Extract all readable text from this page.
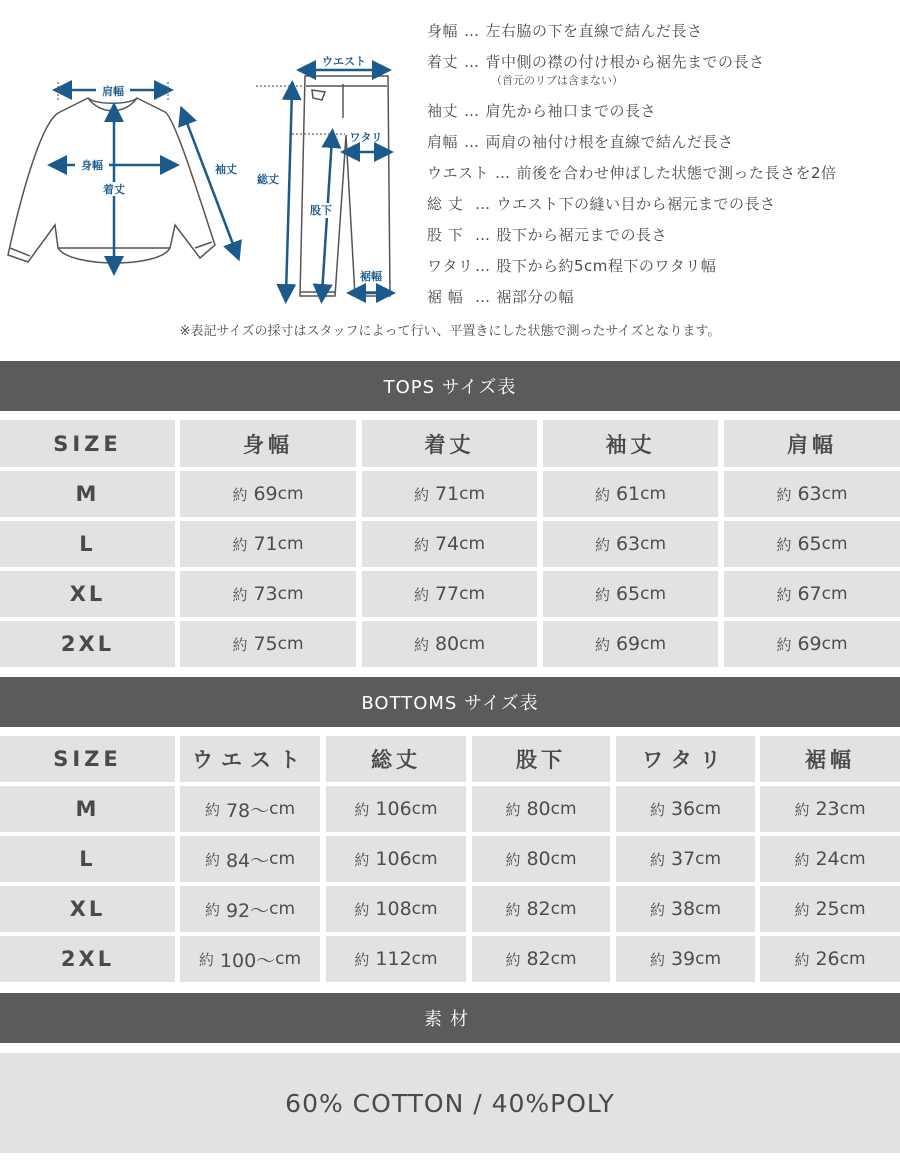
肩幅
身幅
着丈
袖丈
ウエスト
総丈
股下
ワタリ
裾幅
身幅 … 左右脇の下を直線で結んだ長さ
着丈 … 背中側の襟の付け根から裾先までの長さ
（首元のリブは含まない）
袖丈 … 肩先から袖口までの長さ
肩幅 … 両肩の袖付け根を直線で結んだ長さ
ウエスト … 前後を合わせ伸ばした状態で測った長さを2倍
総 丈 … ウエスト下の縫い目から裾元までの長さ
股 下 … 股下から裾元までの長さ
ワタリ … 股下から約5cm程下のワタリ幅
裾 幅 … 裾部分の幅
※表記サイズの採寸はスタッフによって行い、平置きにした状態で測ったサイズとなります。
TOPS サイズ表
SIZE	身幅	着丈	袖丈	肩幅
M	約 69 cm	約 71 cm	約 61 cm	約 63 cm
L	約 71 cm	約 74 cm	約 63 cm	約 65 cm
XL	約 73 cm	約 77 cm	約 65 cm	約 67 cm
2XL	約 75 cm	約 80 cm	約 69 cm	約 69 cm
BOTTOMS サイズ表
SIZE	ウエスト	総丈	股下	ワタリ	裾幅
M	約 78～ cm	約 106 cm	約 80 cm	約 36 cm	約 23 cm
L	約 84～ cm	約 106 cm	約 80 cm	約 37 cm	約 24 cm
XL	約 92～ cm	約 108 cm	約 82 cm	約 38 cm	約 25 cm
2XL	約 100～ cm	約 112 cm	約 82 cm	約 39 cm	約 26 cm
素材
60% COTTON / 40%POLY
